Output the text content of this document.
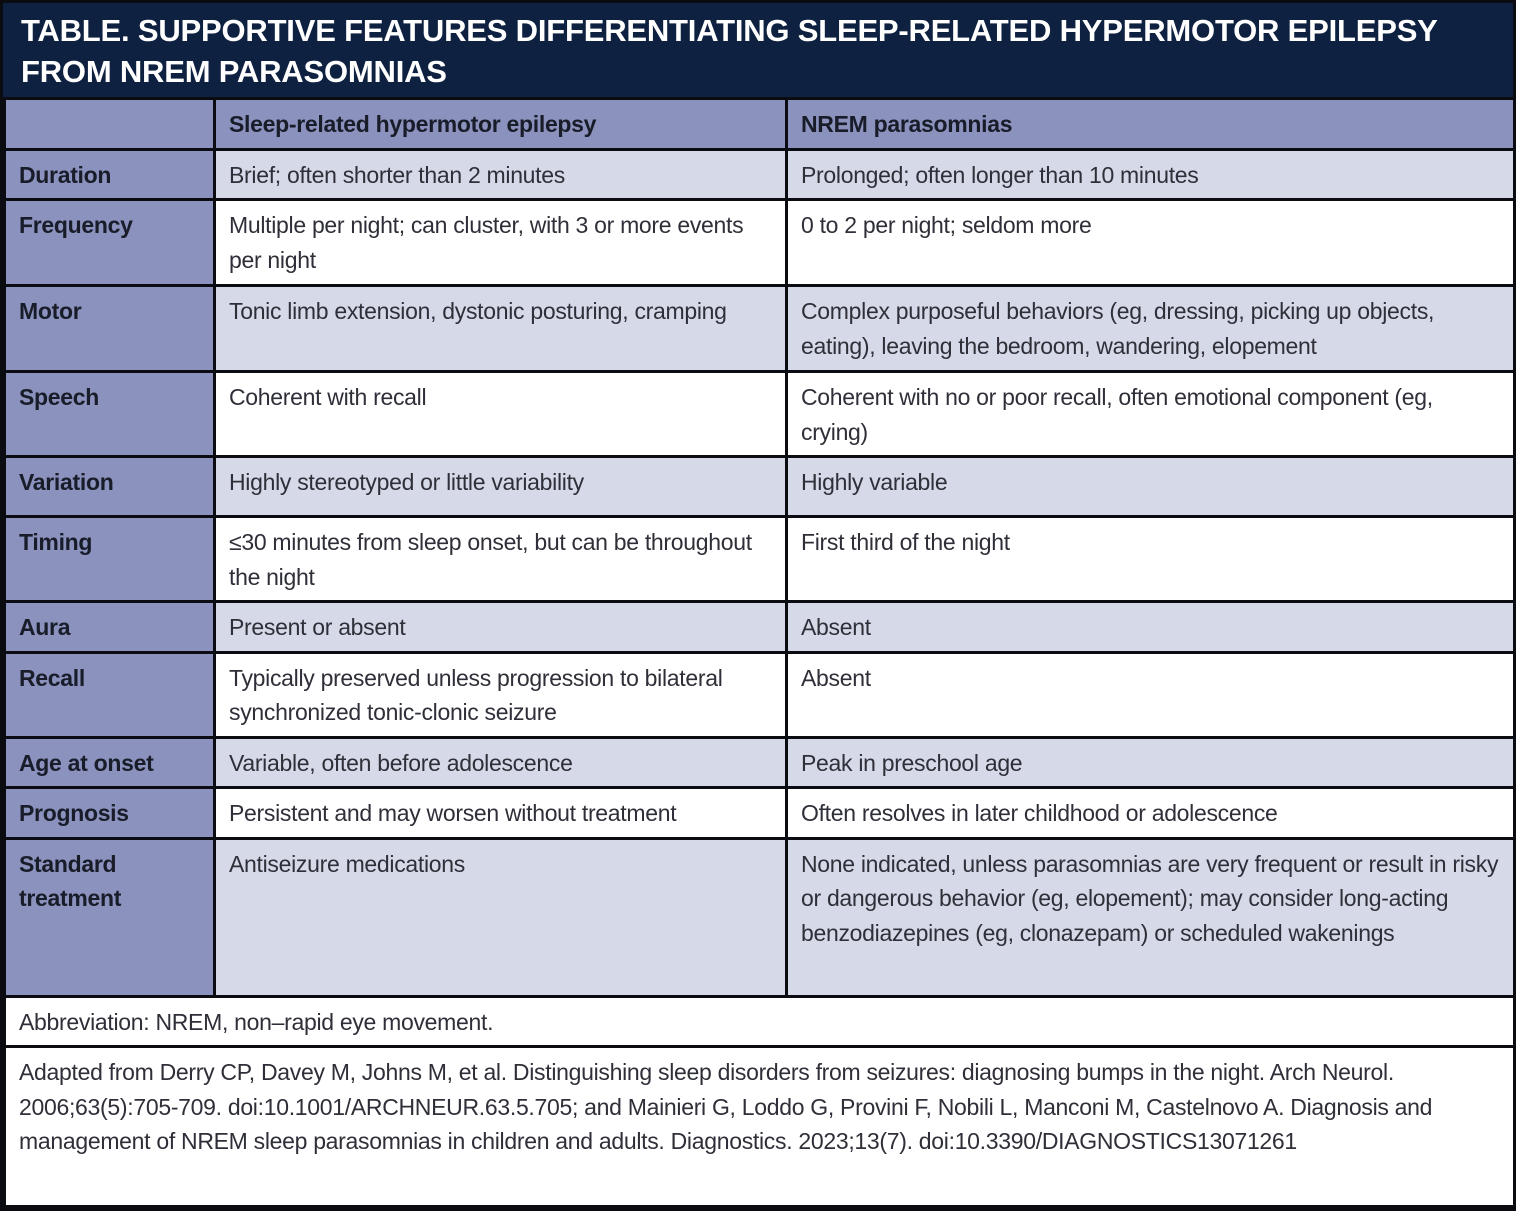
TABLE. SUPPORTIVE FEATURES DIFFERENTIATING SLEEP-RELATED HYPERMOTOR EPILEPSY FROM NREM PARASOMNIAS
	Sleep-related hypermotor epilepsy	NREM parasomnias
Duration	Brief; often shorter than 2 minutes	Prolonged; often longer than 10 minutes
Frequency	Multiple per night; can cluster, with 3 or more events per night	0 to 2 per night; seldom more
Motor	Tonic limb extension, dystonic posturing, cramping	Complex purposeful behaviors (eg, dressing, picking up objects, eating), leaving the bedroom, wandering, elopement
Speech	Coherent with recall	Coherent with no or poor recall, often emotional component (eg, crying)
Variation	Highly stereotyped or little variability	Highly variable
Timing	≤30 minutes from sleep onset, but can be throughout the night	First third of the night
Aura	Present or absent	Absent
Recall	Typically preserved unless progression to bilateral synchronized tonic-clonic seizure	Absent
Age at onset	Variable, often before adolescence	Peak in preschool age
Prognosis	Persistent and may worsen without treatment	Often resolves in later childhood or adolescence
Standard treatment	Antiseizure medications	None indicated, unless parasomnias are very frequent or result in risky or dangerous behavior (eg, elopement); may consider long-acting benzodiazepines (eg, clonazepam) or scheduled wakenings
Abbreviation: NREM, non–rapid eye movement.		
Adapted from Derry CP, Davey M, Johns M, et al. Distinguishing sleep disorders from seizures: diagnosing bumps in the night. Arch Neurol. 2006;63(5):705-709. doi:10.1001/ARCHNEUR.63.5.705; and Mainieri G, Loddo G, Provini F, Nobili L, Manconi M, Castelnovo A. Diagnosis and management of NREM sleep parasomnias in children and adults. Diagnostics. 2023;13(7). doi:10.3390/DIAGNOSTICS13071261		
